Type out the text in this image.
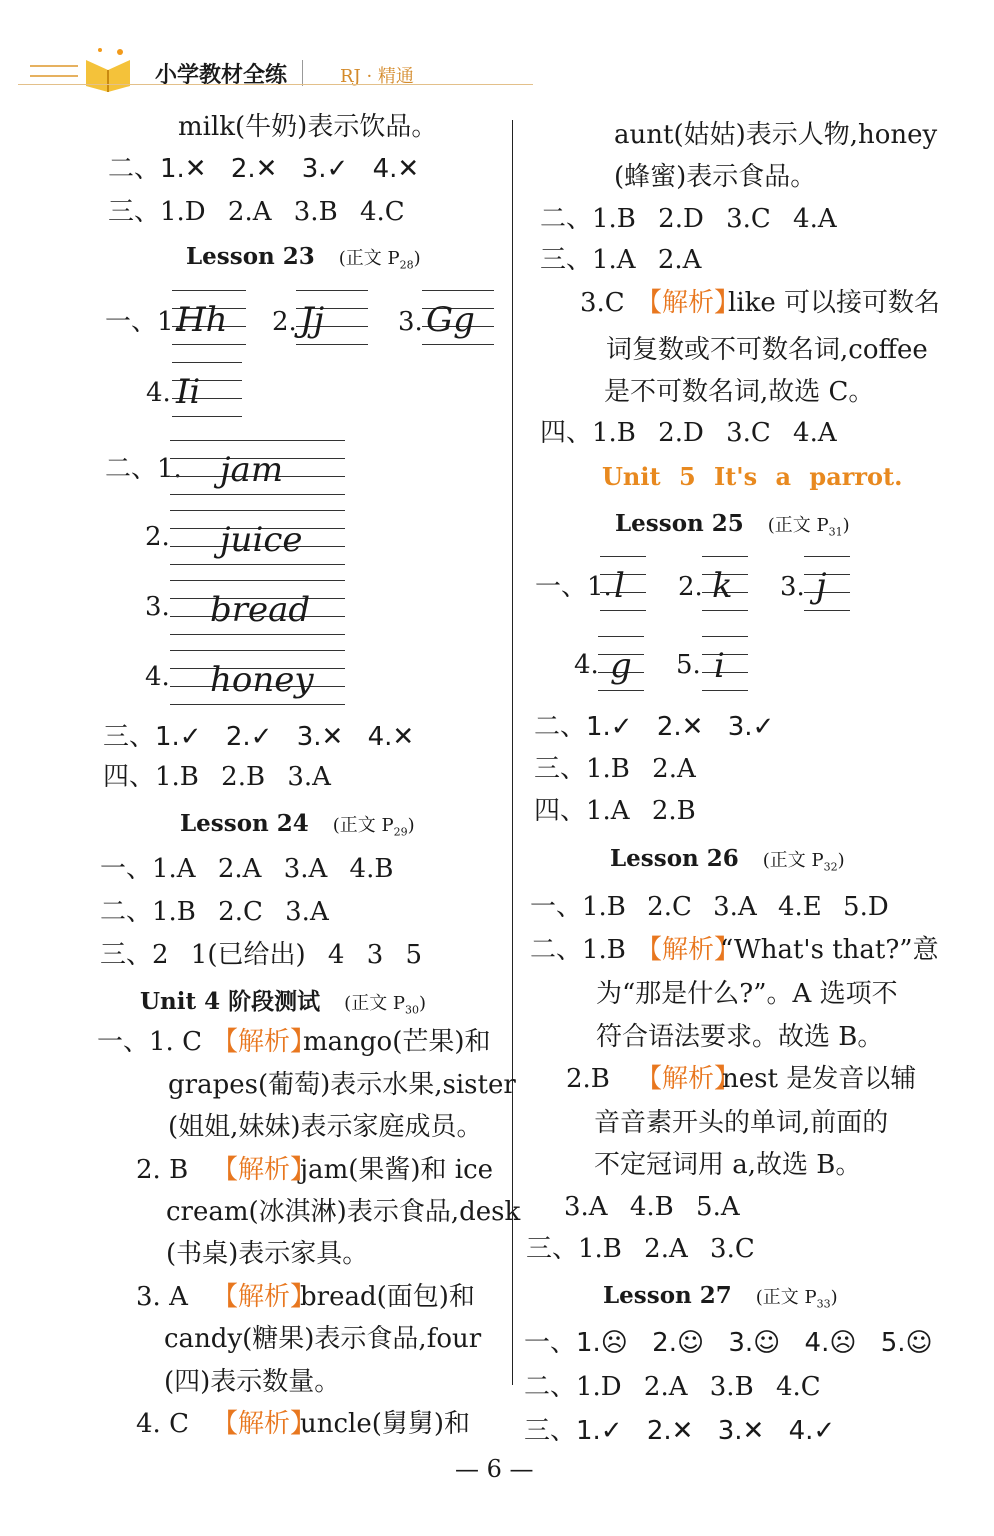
小学教材全练	RJ · 精通
milk(牛奶)表示饮品。
二、1.✕ 2.✕ 3.✓ 4.✕
三、1.D 2.A 3.B 4.C
Lesson 23 (正文 $P_{28}$)
一、1.
Hh 2. Jj	3. Gg
4. Ii
二、1. jam
2. juice
3. bread
4. honey
三、1.✓ 2.✓ 3.✕ 4.✕
四、1.B 2.B 3.A
Lesson 24 (正文 $P_{29}$)
一、1.A 2.A 3.A 4.B
二、1.B 2.C 3.A
三、2 1(已给出) 4 3 5
Unit 4 阶段测试 (正文 $P_{30}$)
一、1. C 【解析】
mango(芒果)和
grapes(葡萄)表示水果,sister
(姐姐,妹妹)表示家庭成员。
2. B 【解析】
jam(果酱)和 ice
cream(冰淇淋)表示食品,desk
(书桌)表示家具。
3. A 【解析】
bread(面包)和
candy(糖果)表示食品,four
(四)表示数量。
4. C 【解析】
uncle(舅舅)和
aunt(姑姑)表示人物,honey
(蜂蜜)表示食品。
二、1.B 2.D 3.C 4.A
三、1.A 2.A
3.C 【解析】
like 可以接可数名
词复数或不可数名词,coffee
是不可数名词,故选 C。
四、1.B 2.D 3.C 4.A
Unit 5 It's a parrot.
Lesson 25 (正文 $P_{31}$)
一、1. l 2. k 3. j
4. g 5. i
二、1.✓ 2.✕ 3.✓
三、1.B 2.A
四、1.A 2.B
Lesson 26 (正文 $P_{32}$)
一、1.B 2.C 3.A 4.E 5.D
二、1.B 【解析】
“What's that?”意
为“那是什么?”。A 选项不
符合语法要求。故选 B。
2.B 【解析】
nest 是发音以辅
音音素开头的单词,前面的
不定冠词用 a,故选 B。
3.A 4.B 5.A
三、1.B 2.A 3.C
Lesson 27 (正文 $P_{33}$)
一、1.☹ 2.☺ 3.☺ 4.☹ 5.☺
二、1.D 2.A 3.B 4.C
三、1.✓ 2.✕ 3.✕ 4.✓
— 6 —
